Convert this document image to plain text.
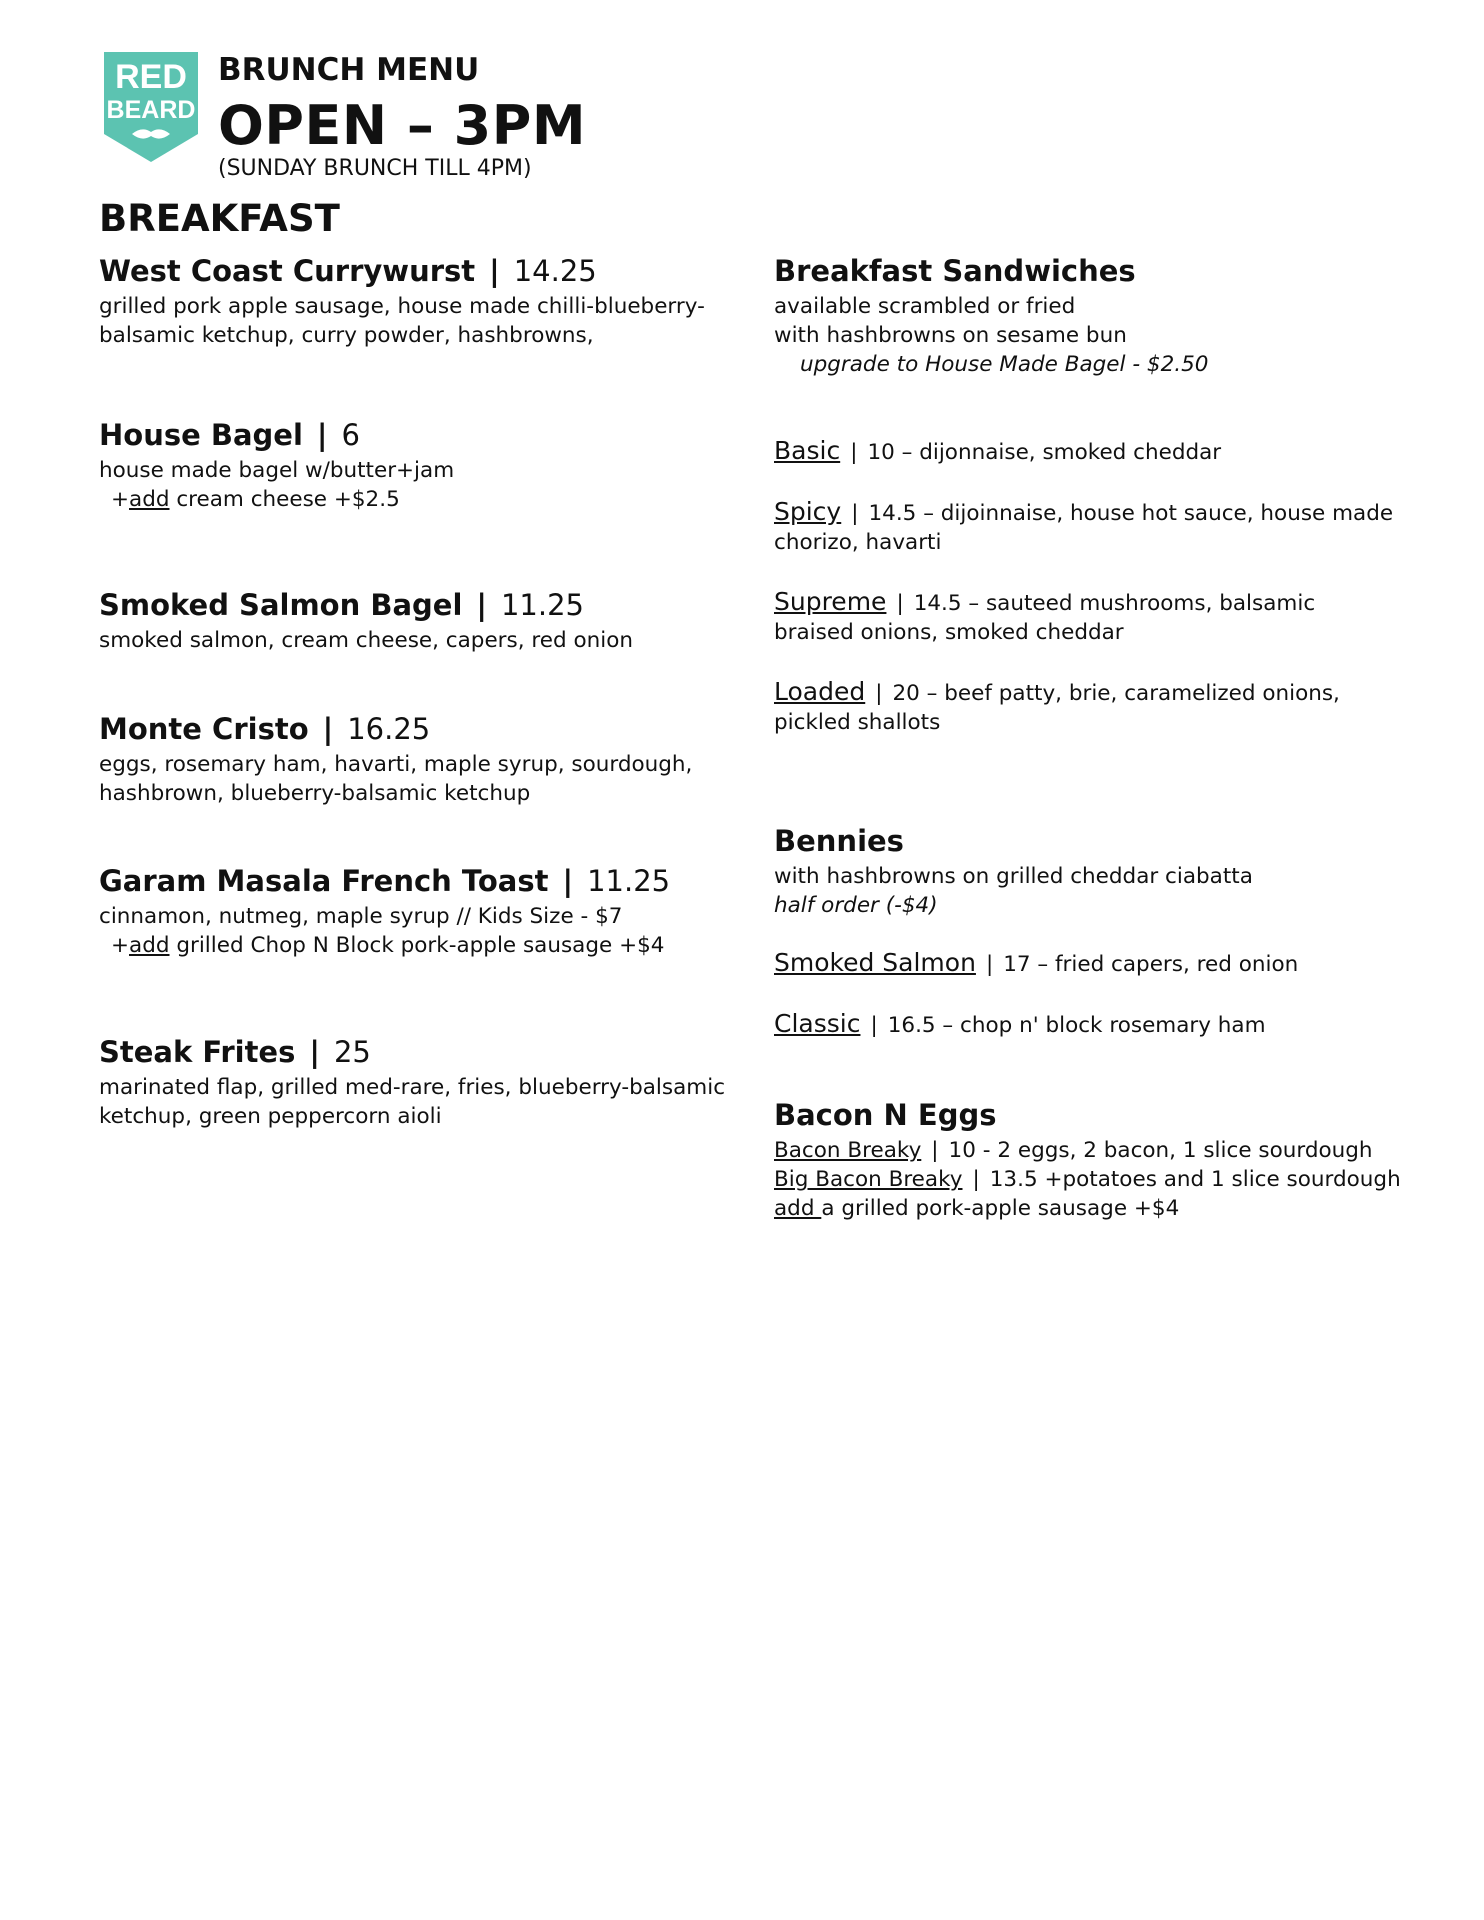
RED
BEARD
BRUNCH MENU
OPEN – 3PM
(SUNDAY BRUNCH TILL 4PM)
BREAKFAST
West Coast Currywurst | 14.25
grilled pork apple sausage, house made chilli-blueberry-
balsamic ketchup, curry powder, hashbrowns,
House Bagel | 6
house made bagel w/butter+jam
+add cream cheese +$2.5
Smoked Salmon Bagel | 11.25
smoked salmon, cream cheese, capers, red onion
Monte Cristo | 16.25
eggs, rosemary ham, havarti, maple syrup, sourdough,
hashbrown, blueberry-balsamic ketchup
Garam Masala French Toast | 11.25
cinnamon, nutmeg, maple syrup // Kids Size - $7
+add grilled Chop N Block pork-apple sausage +$4
Steak Frites | 25
marinated flap, grilled med-rare, fries, blueberry-balsamic
ketchup, green peppercorn aioli
Breakfast Sandwiches
available scrambled or fried
with hashbrowns on sesame bun
upgrade to House Made Bagel - $2.50
Basic | 10 – dijonnaise, smoked cheddar
Spicy | 14.5 – dijoinnaise, house hot sauce, house made
chorizo, havarti
Supreme | 14.5 – sauteed mushrooms, balsamic
braised onions, smoked cheddar
Loaded | 20 – beef patty, brie, caramelized onions,
pickled shallots
Bennies
with hashbrowns on grilled cheddar ciabatta
half order (-$4)
Smoked Salmon | 17 – fried capers, red onion
Classic | 16.5 – chop n' block rosemary ham
Bacon N Eggs
Bacon Breaky | 10 - 2 eggs, 2 bacon, 1 slice sourdough
Big Bacon Breaky | 13.5 +potatoes and 1 slice sourdough
add a grilled pork-apple sausage +$4
